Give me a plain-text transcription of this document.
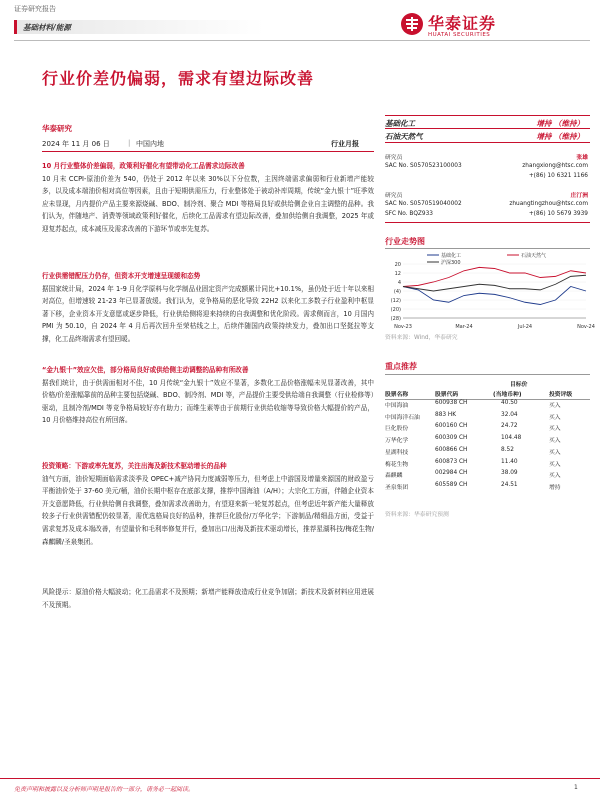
证券研究报告
基础材料/能源	华泰证券
HUATAI SECURITIES
行业价差仍偏弱，需求有望边际改善
华泰研究
2024 年 11 月 06 日	| 中国内地	行业月报
10 月行业整体价差偏弱，政策利好催化有望带动化工品需求边际改善
10 月末 CCPI-原油价差为 540，仍处于 2012 年以来 30%以下分位数，主因终端需求偏弱和行业新增产能较多，以及成本端油价相对高位等因素，且由于短期供需压力，行业整体处于被动补库周期，传统“金九银十”旺季效应未显现，月内提价产品主要来源烧碱、BDO、制冷剂、聚合 MDI 等格局良好或供给侧企业自主调整的品种。我们认为，伴随地产、消费等领域政策利好催化，后续化工品需求有望边际改善，叠加供给侧自我调整，2025 年或迎复苏起点，成本减压及需求改善的下游环节或率先复苏。
行业供需错配压力仍存，但资本开支增速呈现缓和态势
据国家统计局，2024 年 1-9 月化学原料与化学制品业固定资产完成额累计同比+10.1%，虽仍处于近十年以来相对高位，但增速较 21-23 年已显著放缓。我们认为，竞争格局的恶化导致 22H2 以来化工多数子行业盈利中枢显著下移，企业资本开支意愿或逐步降低，行业供给侧将迎来持续的自我调整和优化阶段。需求侧而言，10 月国内 PMI 为 50.10，自 2024 年 4 月后再次回升至荣枯线之上，后续伴随国内政策持续发力，叠加出口坚挺拉等支撑，化工品终端需求有望回暖。
“金九银十”效应欠佳，部分格局良好或供给侧主动调整的品种有所改善
据我们统计，由于供需面相对不佳，10 月传统“金九银十”效应不显著，多数化工品价格涨幅未见显著改善，其中价格/价差涨幅靠前的品种主要包括烧碱、BDO、制冷剂、MDI 等，产品提价主要受供给端自我调整（行业检修等）驱动，且制冷剂/MDI 等竞争格局较好亦有助力；而维生素等由于前期行业供给收缩等导致价格大幅提价的产品，10 月价格维持高位有所回落。
投资策略：下游或率先复苏，关注出海及新技术驱动增长的品种
油气方面，油价短期面临需求淡季及 OPEC+减产协同力度减弱等压力，但考虑上中游国及增量来源国的财政盈亏平衡油价处于 37-60 美元/桶，油价长期中枢存在底部支撑，推荐中国海油（A/H）；大宗化工方面，伴随企业资本开支意愿降低，行业供给侧自我调整，叠加需求改善助力，有望迎来新一轮复苏起点，但考虑近年新产能大量释放较多子行业供需错配仍较显著，需优选格局良好的品种，推荐巨化股份/万华化学；下游制品/精细品方面，受益于需求复苏及成本端改善，有望量价和毛利率修复并行，叠加出口/出海及新技术驱动增长，推荐星湖科技/梅花生物/森麒麟/圣泉集团。
风险提示：原油价格大幅波动；化工品需求不及预期；新增产能释放造成行业竞争加剧；新技术及新材料应用进展不及预期。
基础化工	增持 （维持）
石油天然气	增持 （维持）
研究员	张雄
SAC No. S0570523100003	zhangxiong@htsc.com
+(86) 10 6321 1166
研究员	庄汀洲
SAC No. S0570519040002	zhuangtingzhou@htsc.com
SFC No. BQZ933	+(86) 10 5679 3939
行业走势图
20
12
4
(4)
(12)
(20)
(28)
Nov-23	Mar-24	Jul-24	Nov-24
基础化工	石油天然气
沪深300
资料来源：Wind，华泰研究
重点推荐
目标价
股票名称	股票代码	(当地币种)	投资评级
中国海油	600938 CH	40.50	买入
中国海洋石油	883 HK	32.04	买入
巨化股份	600160 CH	24.72	买入
万华化学	600309 CH	104.48	买入
星湖科技	600866 CH	8.52	买入
梅花生物	600873 CH	11.40	买入
森麒麟	002984 CH	38.09	买入
圣泉集团	605589 CH	24.51	增持
资料来源：华泰研究预测
免责声明和披露以及分析师声明是报告的一部分，请务必一起阅读。	1
